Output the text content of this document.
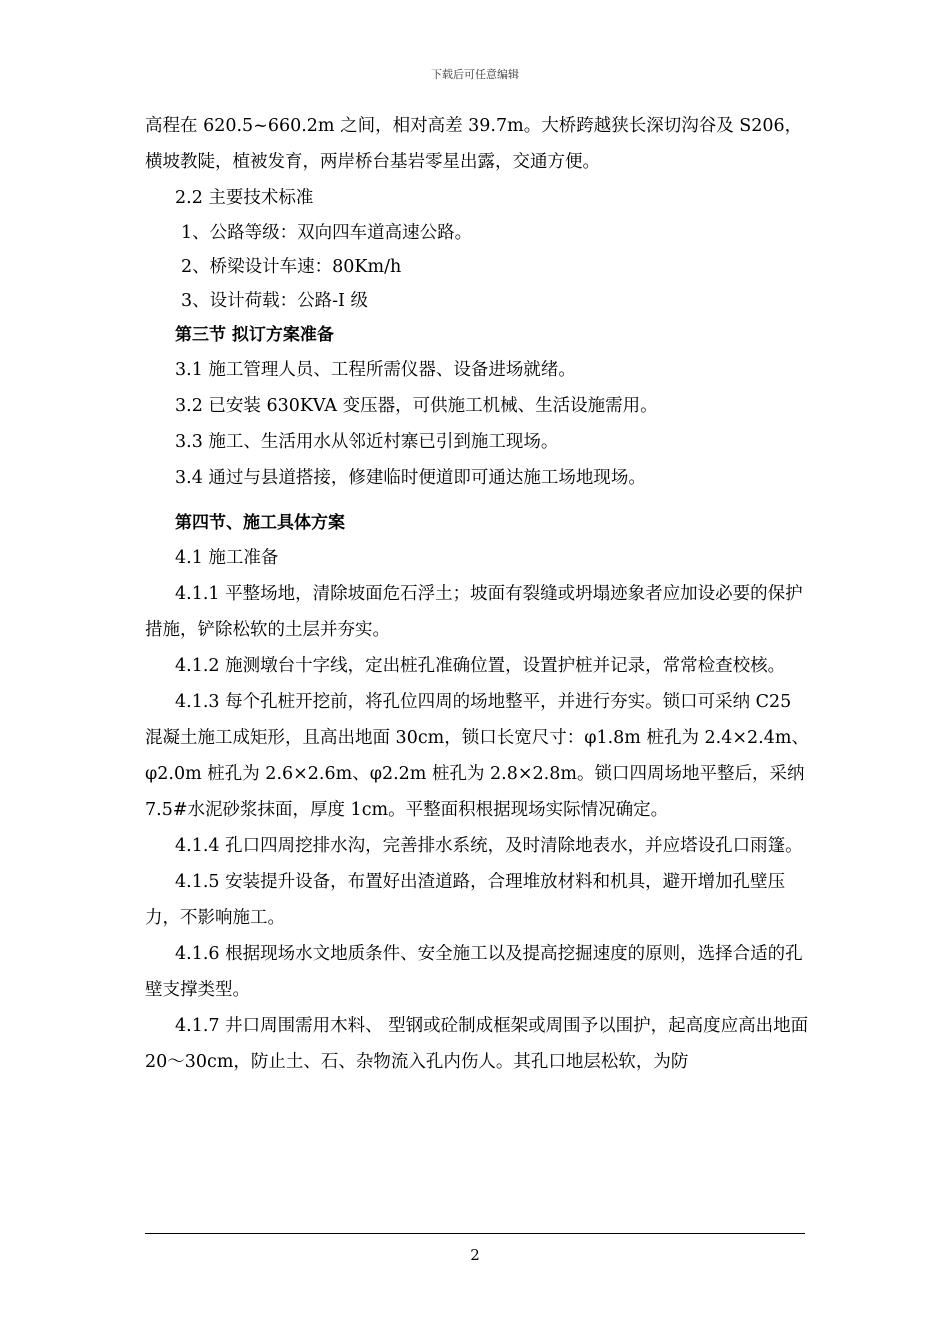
下载后可任意编辑

高程在 620.5~660.2m 之间，相对高差 39.7m。大桥跨越狭长深切沟谷及 S206，

横坡教陡，植被发育，两岸桥台基岩零星出露，交通方便。

2.2 主要技术标准

1、公路等级：双向四车道高速公路。

2、桥梁设计车速：80Km/h

3、设计荷载：公路-I 级

第三节 拟订方案准备

3.1 施工管理人员、工程所需仪器、设备进场就绪。

3.2 已安装 630KVA 变压器，可供施工机械、生活设施需用。

3.3 施工、生活用水从邻近村寨已引到施工现场。

3.4 通过与县道搭接，修建临时便道即可通达施工场地现场。

第四节、施工具体方案

4.1 施工准备

4.1.1 平整场地，清除坡面危石浮土；坡面有裂缝或坍塌迹象者应加设必要的保护措施，铲除松软的土层并夯实。

4.1.2 施测墩台十字线，定出桩孔准确位置，设置护桩并记录，常常检查校核。

4.1.3 每个孔桩开挖前，将孔位四周的场地整平，并进行夯实。锁口可采纳 C25 混凝土施工成矩形，且高出地面 30cm，锁口长宽尺寸：φ1.8m 桩孔为 2.4×2.4m、φ2.0m 桩孔为 2.6×2.6m、φ2.2m 桩孔为 2.8×2.8m。锁口四周场地平整后，采纳 7.5#水泥砂浆抹面，厚度 1cm。平整面积根据现场实际情况确定。

4.1.4 孔口四周挖排水沟，完善排水系统，及时清除地表水，并应塔设孔口雨篷。

4.1.5 安装提升设备，布置好出渣道路，合理堆放材料和机具，避开增加孔壁压力，不影响施工。

4.1.6 根据现场水文地质条件、安全施工以及提高挖掘速度的原则，选择合适的孔壁支撑类型。

4.1.7 井口周围需用木料、 型钢或砼制成框架或周围予以围护，起高度应高出地面 20～30cm，防止土、石、杂物流入孔内伤人。其孔口地层松软，为防

2
